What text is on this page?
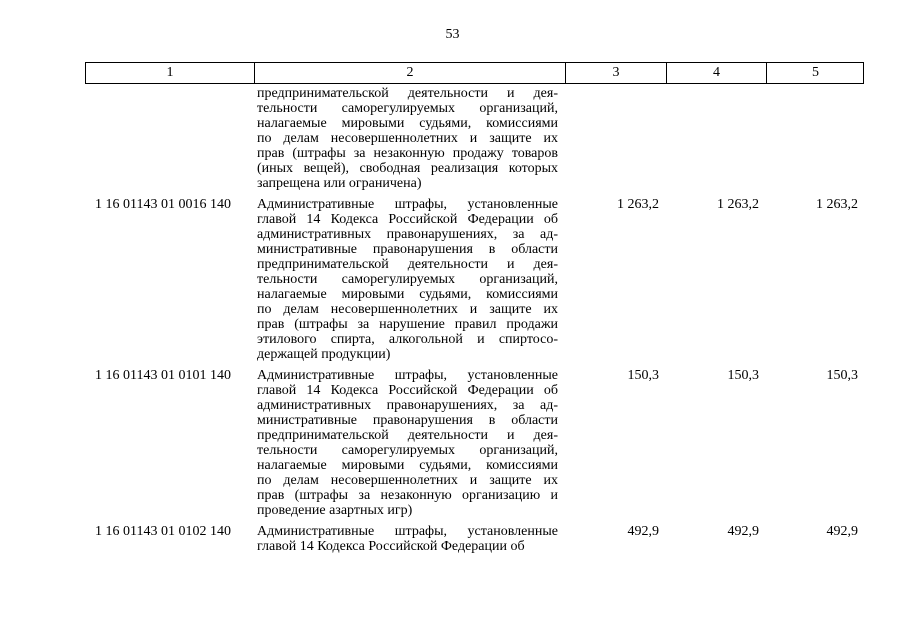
53
1	2	3	4	5
предпринимательской деятельности и дея-
тельности саморегулируемых организаций,
налагаемые мировыми судьями, комиссиями
по делам несовершеннолетних и защите их
прав (штрафы за незаконную продажу товаров
(иных вещей), свободная реализация которых
запрещена или ограничена)
1 16 01143 01 0016 140	Административные штрафы, установленные
главой 14 Кодекса Российской Федерации об
административных правонарушениях, за ад-
министративные правонарушения в области
предпринимательской деятельности и дея-
тельности саморегулируемых организаций,
налагаемые мировыми судьями, комиссиями
по делам несовершеннолетних и защите их
прав (штрафы за нарушение правил продажи
этилового спирта, алкогольной и спиртосо-
держащей продукции)
1 263,2	1 263,2	1 263,2
1 16 01143 01 0101 140	Административные штрафы, установленные
главой 14 Кодекса Российской Федерации об
административных правонарушениях, за ад-
министративные правонарушения в области
предпринимательской деятельности и дея-
тельности саморегулируемых организаций,
налагаемые мировыми судьями, комиссиями
по делам несовершеннолетних и защите их
прав (штрафы за незаконную организацию и
проведение азартных игр)
150,3	150,3	150,3
1 16 01143 01 0102 140	Административные штрафы, установленные
главой 14 Кодекса Российской Федерации об
492,9	492,9	492,9
